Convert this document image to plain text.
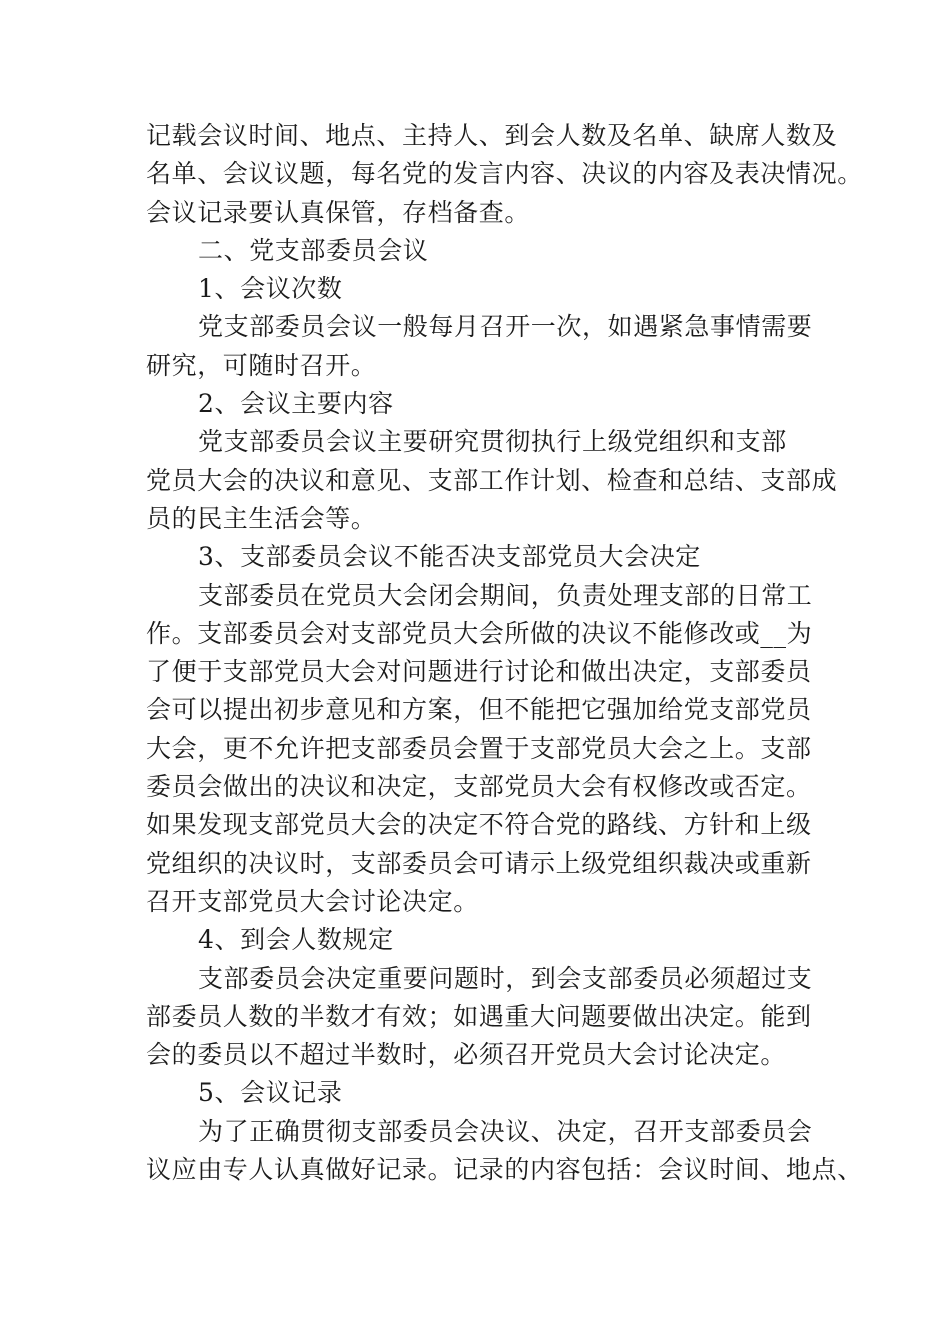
记载会议时间、地点、主持人、到会人数及名单、缺席人数及
名单、会议议题，每名党的发言内容、决议的内容及表决情况。
会议记录要认真保管，存档备查。
二、党支部委员会议
1、会议次数
党支部委员会议一般每月召开一次，如遇紧急事情需要
研究，可随时召开。
2、会议主要内容
党支部委员会议主要研究贯彻执行上级党组织和支部
党员大会的决议和意见、支部工作计划、检查和总结、支部成
员的民主生活会等。
3、支部委员会议不能否决支部党员大会决定
支部委员在党员大会闭会期间，负责处理支部的日常工
作。支部委员会对支部党员大会所做的决议不能修改或__为
了便于支部党员大会对问题进行讨论和做出决定，支部委员
会可以提出初步意见和方案，但不能把它强加给党支部党员
大会，更不允许把支部委员会置于支部党员大会之上。支部
委员会做出的决议和决定，支部党员大会有权修改或否定。
如果发现支部党员大会的决定不符合党的路线、方针和上级
党组织的决议时，支部委员会可请示上级党组织裁决或重新
召开支部党员大会讨论决定。
4、到会人数规定
支部委员会决定重要问题时，到会支部委员必须超过支
部委员人数的半数才有效；如遇重大问题要做出决定。能到
会的委员以不超过半数时，必须召开党员大会讨论决定。
5、会议记录
为了正确贯彻支部委员会决议、决定，召开支部委员会
议应由专人认真做好记录。记录的内容包括：会议时间、地点、
